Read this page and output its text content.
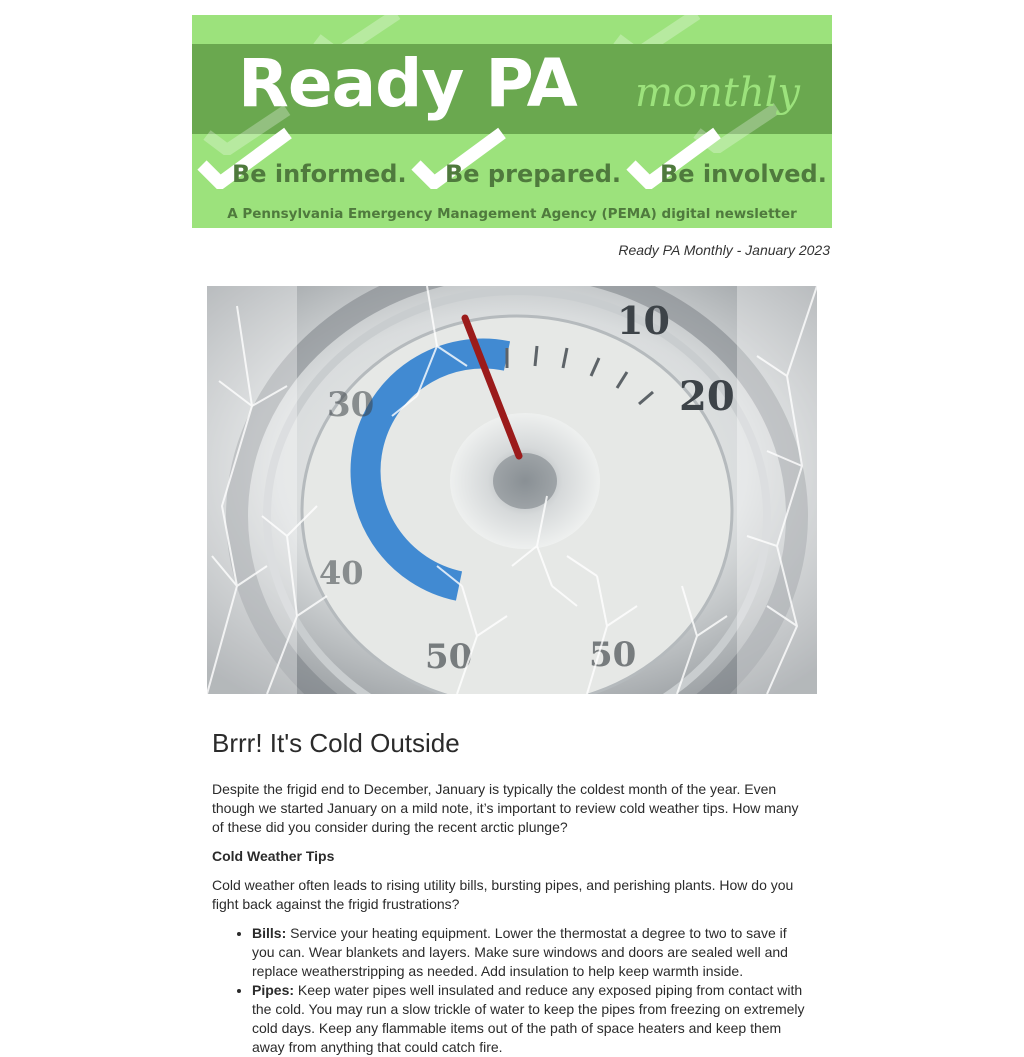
Ready PA monthly
Be informed. Be prepared. Be involved.
A Pennsylvania Emergency Management Agency (PEMA) digital newsletter
Ready PA Monthly - January 2023
10
20
30
40
50	50
Brrr! It's Cold Outside

Despite the frigid end to December, January is typically the coldest month of the year. Even though we started January on a mild note, it’s important to review cold weather tips. How many of these did you consider during the recent arctic plunge?

Cold Weather Tips

Cold weather often leads to rising utility bills, bursting pipes, and perishing plants. How do you fight back against the frigid frustrations?

• Bills: Service your heating equipment. Lower the thermostat a degree to two to save if you can. Wear blankets and layers. Make sure windows and doors are sealed well and replace weatherstripping as needed. Add insulation to help keep warmth inside.
• Pipes: Keep water pipes well insulated and reduce any exposed piping from contact with the cold. You may run a slow trickle of water to keep the pipes from freezing on extremely cold days. Keep any flammable items out of the path of space heaters and keep them away from anything that could catch fire.
